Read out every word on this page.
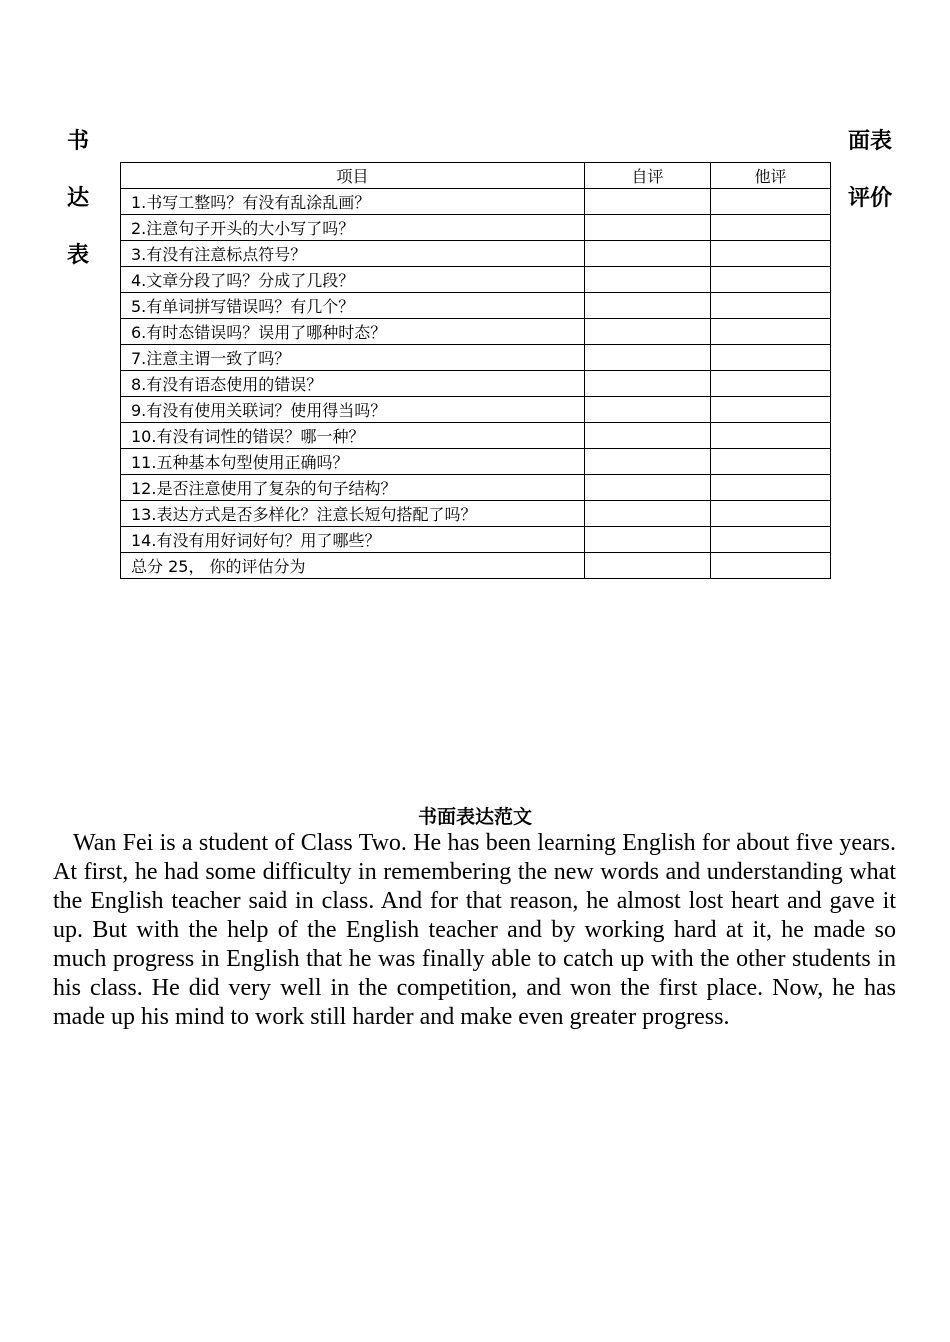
书
达
表
面表
评价
项目	自评	他评
1.书写工整吗？有没有乱涂乱画？		
2.注意句子开头的大小写了吗？		
3.有没有注意标点符号？		
4.文章分段了吗？分成了几段？		
5.有单词拼写错误吗？有几个？		
6.有时态错误吗？误用了哪种时态？		
7.注意主谓一致了吗？		
8.有没有语态使用的错误？		
9.有没有使用关联词？使用得当吗？		
10.有没有词性的错误？哪一种？		
11.五种基本句型使用正确吗？		
12.是否注意使用了复杂的句子结构？		
13.表达方式是否多样化？注意长短句搭配了吗？		
14.有没有用好词好句？用了哪些？		
总分 25， 你的评估分为		
书面表达范文

Wan Fei is a student of Class Two. He has been learning English for about five years. At first, he had some difficulty in remembering the new words and understanding what the English teacher said in class. And for that reason, he almost lost heart and gave it up. But with the help of the English teacher and by working hard at it, he made so much progress in English that he was finally able to catch up with the other students in his class. He did very well in the competition, and won the first place. Now, he has made up his mind to work still harder and make even greater progress.
